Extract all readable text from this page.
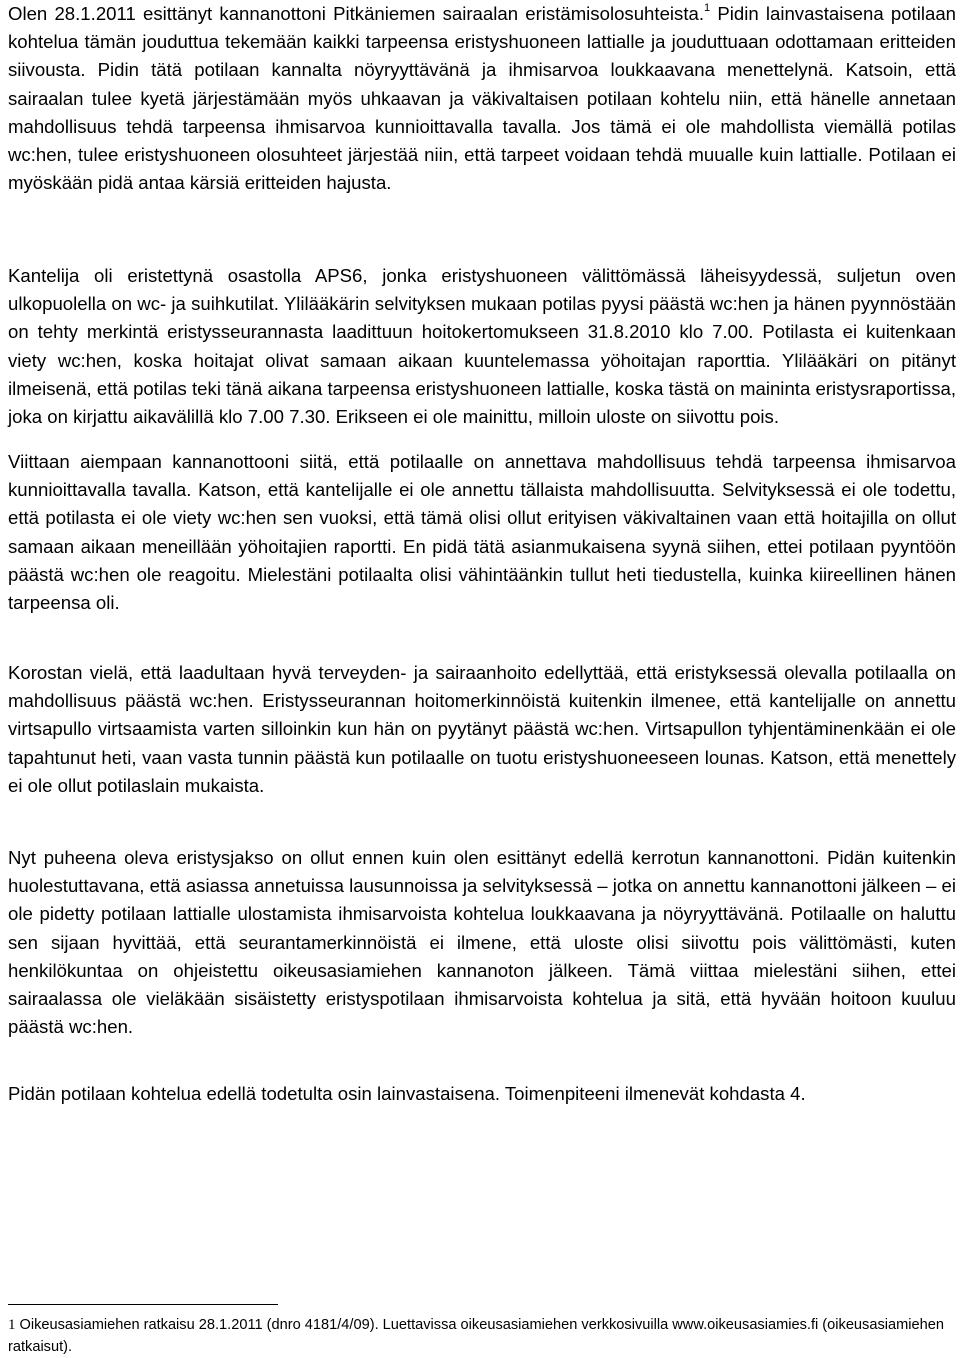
Olen 28.1.2011 esittänyt kannanottoni Pitkäniemen sairaalan eristämisolosuhteista.$^1$ Pidin lainvastaisena potilaan kohtelua tämän jouduttua tekemään kaikki tarpeensa eristyshuoneen lattialle ja jouduttuaan odottamaan eritteiden siivousta. Pidin tätä potilaan kannalta nöyryyttävänä ja ihmisarvoa loukkaavana menettelynä. Katsoin, että sairaalan tulee kyetä järjestämään myös uhkaavan ja väkivaltaisen potilaan kohtelu niin, että hänelle annetaan mahdollisuus tehdä tarpeensa ihmisarvoa kunnioittavalla tavalla. Jos tämä ei ole mahdollista viemällä potilas wc:hen, tulee eristyshuoneen olosuhteet järjestää niin, että tarpeet voidaan tehdä muualle kuin lattialle. Potilaan ei myöskään pidä antaa kärsiä eritteiden hajusta.

Kantelija oli eristettynä osastolla APS6, jonka eristyshuoneen välittömässä läheisyydessä, suljetun oven ulkopuolella on wc- ja suihkutilat. Ylilääkärin selvityksen mukaan potilas pyysi päästä wc:hen ja hänen pyynnöstään on tehty merkintä eristysseurannasta laadittuun hoitokertomukseen 31.8.2010 klo 7.00. Potilasta ei kuitenkaan viety wc:hen, koska hoitajat olivat samaan aikaan kuuntelemassa yöhoitajan raporttia. Ylilääkäri on pitänyt ilmeisenä, että potilas teki tänä aikana tarpeensa eristyshuoneen lattialle, koska tästä on maininta eristysraportissa, joka on kirjattu aikavälillä klo 7.00 7.30. Erikseen ei ole mainittu, milloin uloste on siivottu pois.

Viittaan aiempaan kannanottooni siitä, että potilaalle on annettava mahdollisuus tehdä tarpeensa ihmisarvoa kunnioittavalla tavalla. Katson, että kantelijalle ei ole annettu tällaista mahdollisuutta. Selvityksessä ei ole todettu, että potilasta ei ole viety wc:hen sen vuoksi, että tämä olisi ollut erityisen väkivaltainen vaan että hoitajilla on ollut samaan aikaan meneillään yöhoitajien raportti. En pidä tätä asianmukaisena syynä siihen, ettei potilaan pyyntöön päästä wc:hen ole reagoitu. Mielestäni potilaalta olisi vähintäänkin tullut heti tiedustella, kuinka kiireellinen hänen tarpeensa oli.

Korostan vielä, että laadultaan hyvä terveyden- ja sairaanhoito edellyttää, että eristyksessä olevalla potilaalla on mahdollisuus päästä wc:hen. Eristysseurannan hoitomerkinnöistä kuitenkin ilmenee, että kantelijalle on annettu virtsapullo virtsaamista varten silloinkin kun hän on pyytänyt päästä wc:hen. Virtsapullon tyhjentäminenkään ei ole tapahtunut heti, vaan vasta tunnin päästä kun potilaalle on tuotu eristyshuoneeseen lounas. Katson, että menettely ei ole ollut potilaslain mukaista.

Nyt puheena oleva eristysjakso on ollut ennen kuin olen esittänyt edellä kerrotun kannanottoni. Pidän kuitenkin huolestuttavana, että asiassa annetuissa lausunnoissa ja selvityksessä – jotka on annettu kannanottoni jälkeen – ei ole pidetty potilaan lattialle ulostamista ihmisarvoista kohtelua loukkaavana ja nöyryyttävänä. Potilaalle on haluttu sen sijaan hyvittää, että seurantamerkinnöistä ei ilmene, että uloste olisi siivottu pois välittömästi, kuten henkilökuntaa on ohjeistettu oikeusasiamiehen kannanoton jälkeen. Tämä viittaa mielestäni siihen, ettei sairaalassa ole vieläkään sisäistetty eristyspotilaan ihmisarvoista kohtelua ja sitä, että hyvään hoitoon kuuluu päästä wc:hen.

Pidän potilaan kohtelua edellä todetulta osin lainvastaisena. Toimenpiteeni ilmenevät kohdasta 4.

1 Oikeusasiamiehen ratkaisu 28.1.2011 (dnro 4181/4/09). Luettavissa oikeusasiamiehen verkkosivuilla www.oikeusasiamies.fi (oikeusasiamiehen ratkaisut).
